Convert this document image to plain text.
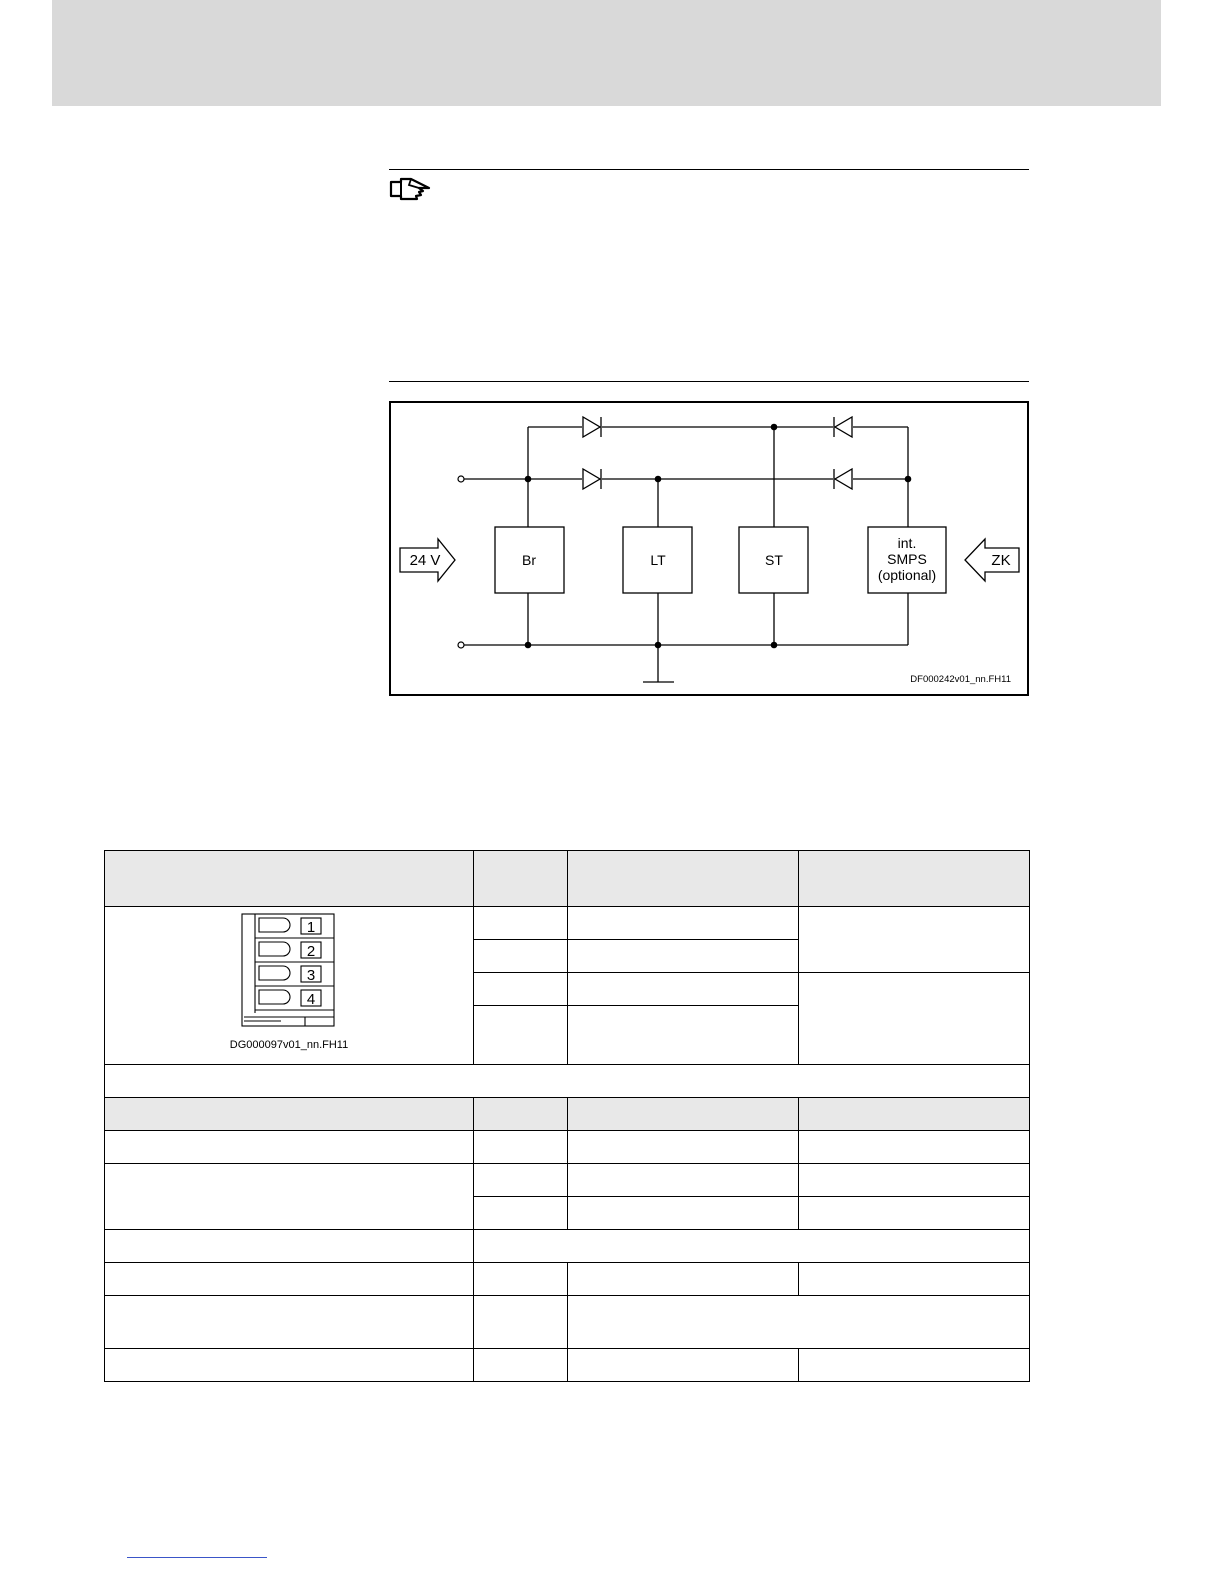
24 V	ZK
Br	LT	ST
int.
SMPS
(optional)
DF000242v01_nn.FH11

1
2
3
4
DG000097v01_nn.FH11			
